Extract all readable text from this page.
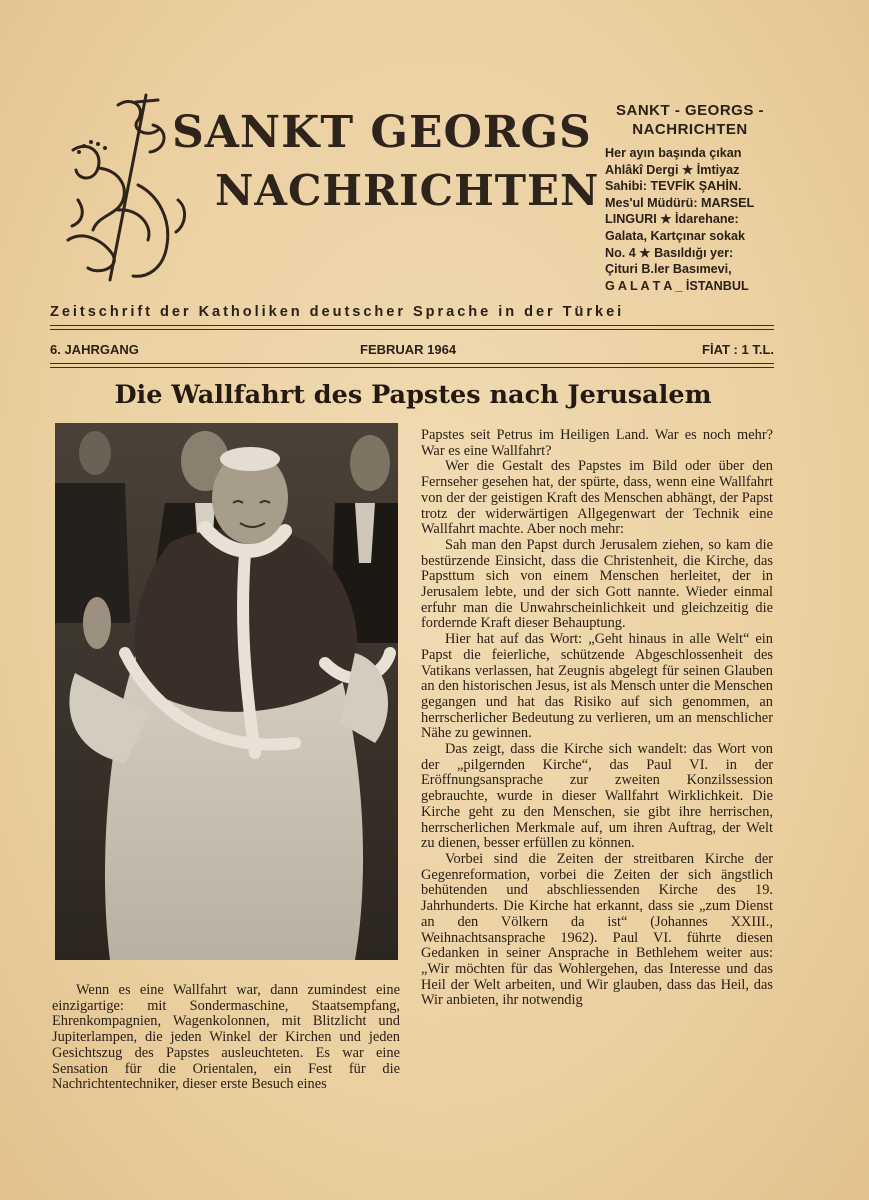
SANKT GEORGS
NACHRICHTEN
SANKT - GEORGS -
NACHRICHTEN
Her ayın başında çıkan
Ahlâkî Dergi ★ İmtiyaz
Sahibi: TEVFİK ŞAHİN.
Mes'ul Müdürü: MARSEL
LINGURI ★ İdarehane:
Galata, Kartçınar sokak
No. 4 ★ Basıldığı yer:
Çituri B.ler Basımevi,
G A L A T A _ İSTANBUL
Zeitschrift der Katholiken deutscher Sprache in der Türkei
6. JAHRGANG	FEBRUAR 1964	FİAT : 1 T.L.
Die Wallfahrt des Papstes nach Jerusalem

Wenn es eine Wallfahrt war, dann zumindest eine einzigartige: mit Sondermaschine, Staatsempfang, Ehrenkompagnien, Wagenkolonnen, mit Blitzlicht und Jupiterlampen, die jeden Winkel der Kirchen und jeden Gesichtszug des Papstes ausleuchteten. Es war eine Sensation für die Orientalen, ein Fest für die Nachrichtentechniker, dieser erste Besuch eines

Papstes seit Petrus im Heiligen Land. War es noch mehr? War es eine Wallfahrt?

Wer die Gestalt des Papstes im Bild oder über den Fernseher gesehen hat, der spürte, dass, wenn eine Wallfahrt von der der geistigen Kraft des Menschen abhängt, der Papst trotz der widerwärtigen Allgegenwart der Technik eine Wallfahrt machte. Aber noch mehr:

Sah man den Papst durch Jerusalem ziehen, so kam die bestürzende Einsicht, dass die Christenheit, die Kirche, das Papsttum sich von einem Menschen herleitet, der in Jerusalem lebte, und der sich Gott nannte. Wieder einmal erfuhr man die Unwahrscheinlichkeit und gleichzeitig die fordernde Kraft dieser Behauptung.

Hier hat auf das Wort: „Geht hinaus in alle Welt“ ein Papst die feierliche, schützende Abgeschlossenheit des Vatikans verlassen, hat Zeugnis abgelegt für seinen Glauben an den historischen Jesus, ist als Mensch unter die Menschen gegangen und hat das Risiko auf sich genommen, an herrscherlicher Bedeutung zu verlieren, um an menschlicher Nähe zu gewinnen.

Das zeigt, dass die Kirche sich wandelt: das Wort von der „pilgernden Kirche“, das Paul VI. in der Eröffnungsansprache zur zweiten Konzilssession gebrauchte, wurde in dieser Wallfahrt Wirklichkeit. Die Kirche geht zu den Menschen, sie gibt ihre herrischen, herrscherlichen Merkmale auf, um ihren Auftrag, der Welt zu dienen, besser erfüllen zu können.

Vorbei sind die Zeiten der streitbaren Kirche der Gegenreformation, vorbei die Zeiten der sich ängstlich behütenden und abschliessenden Kirche des 19. Jahrhunderts. Die Kirche hat erkannt, dass sie „zum Dienst an den Völkern da ist“ (Johannes XXIII., Weihnachtsansprache 1962). Paul VI. führte diesen Gedanken in seiner Ansprache in Bethlehem weiter aus: „Wir möchten für das Wohlergehen, das Interesse und das Heil der Welt arbeiten, und Wir glauben, dass das Heil, das Wir anbieten, ihr notwendig
